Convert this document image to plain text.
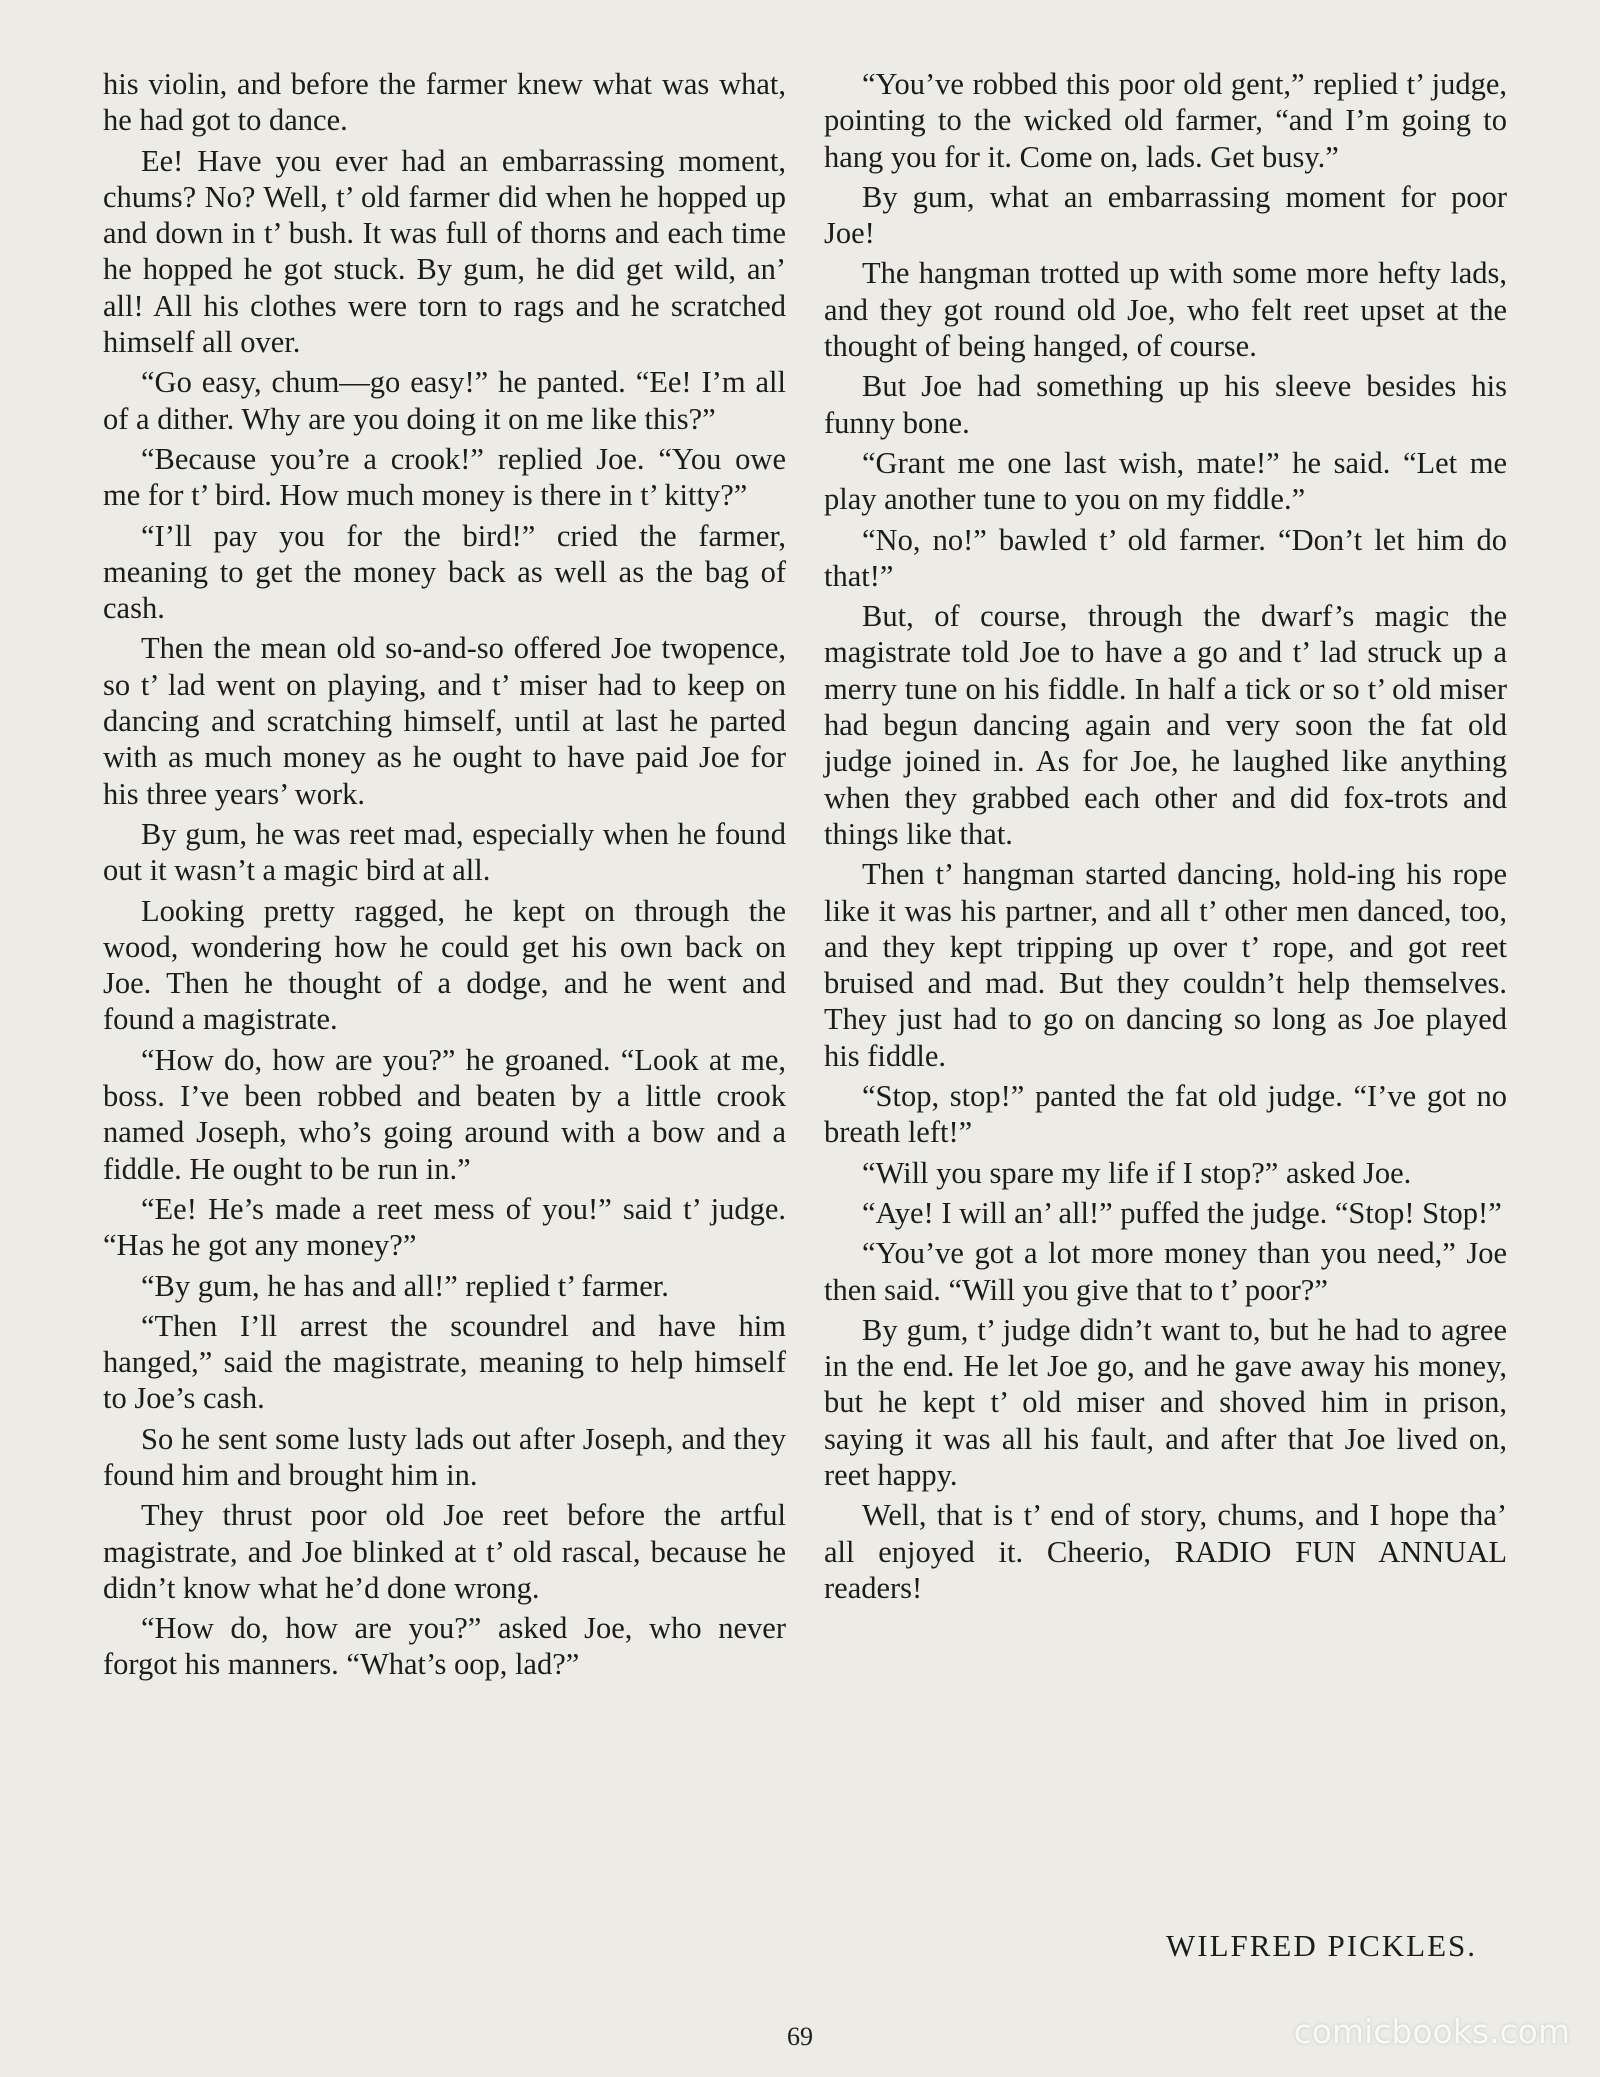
his violin, and before the farmer knew what was what, he had got to dance.

Ee! Have you ever had an embarrassing moment, chums? No? Well, t’ old farmer did when he hopped up and down in t’ bush. It was full of thorns and each time he hopped he got stuck. By gum, he did get wild, an’ all! All his clothes were torn to rags and he scratched himself all over.

“Go easy, chum—go easy!” he panted. “Ee! I’m all of a dither. Why are you doing it on me like this?”

“Because you’re a crook!” replied Joe. “You owe me for t’ bird. How much money is there in t’ kitty?”

“I’ll pay you for the bird!” cried the farmer, meaning to get the money back as well as the bag of cash.

Then the mean old so-and-so offered Joe twopence, so t’ lad went on playing, and t’ miser had to keep on dancing and scratching himself, until at last he parted with as much money as he ought to have paid Joe for his three years’ work.

By gum, he was reet mad, especially when he found out it wasn’t a magic bird at all.

Looking pretty ragged, he kept on through the wood, wondering how he could get his own back on Joe. Then he thought of a dodge, and he went and found a magistrate.

“How do, how are you?” he groaned. “Look at me, boss. I’ve been robbed and beaten by a little crook named Joseph, who’s going around with a bow and a fiddle. He ought to be run in.”

“Ee! He’s made a reet mess of you!” said t’ judge. “Has he got any money?”

“By gum, he has and all!” replied t’ farmer.

“Then I’ll arrest the scoundrel and have him hanged,” said the magistrate, meaning to help himself to Joe’s cash.

So he sent some lusty lads out after Joseph, and they found him and brought him in.

They thrust poor old Joe reet before the artful magistrate, and Joe blinked at t’ old rascal, because he didn’t know what he’d done wrong.

“How do, how are you?” asked Joe, who never forgot his manners. “What’s oop, lad?”

“You’ve robbed this poor old gent,” replied t’ judge, pointing to the wicked old farmer, “and I’m going to hang you for it. Come on, lads. Get busy.”

By gum, what an embarrassing moment for poor Joe!

The hangman trotted up with some more hefty lads, and they got round old Joe, who felt reet upset at the thought of being hanged, of course.

But Joe had something up his sleeve besides his funny bone.

“Grant me one last wish, mate!” he said. “Let me play another tune to you on my fiddle.”

“No, no!” bawled t’ old farmer. “Don’t let him do that!”

But, of course, through the dwarf’s magic the magistrate told Joe to have a go and t’ lad struck up a merry tune on his fiddle. In half a tick or so t’ old miser had begun dancing again and very soon the fat old judge joined in. As for Joe, he laughed like anything when they grabbed each other and did fox-trots and things like that.

Then t’ hangman started dancing, hold-ing his rope like it was his partner, and all t’ other men danced, too, and they kept tripping up over t’ rope, and got reet bruised and mad. But they couldn’t help themselves. They just had to go on dancing so long as Joe played his fiddle.

“Stop, stop!” panted the fat old judge. “I’ve got no breath left!”

“Will you spare my life if I stop?” asked Joe.

“Aye! I will an’ all!” puffed the judge. “Stop! Stop!”

“You’ve got a lot more money than you need,” Joe then said. “Will you give that to t’ poor?”

By gum, t’ judge didn’t want to, but he had to agree in the end. He let Joe go, and he gave away his money, but he kept t’ old miser and shoved him in prison, saying it was all his fault, and after that Joe lived on, reet happy.

Well, that is t’ end of story, chums, and I hope tha’ all enjoyed it. Cheerio, RADIO FUN ANNUAL readers!

WILFRED PICKLES.
69	comicbooks.com
